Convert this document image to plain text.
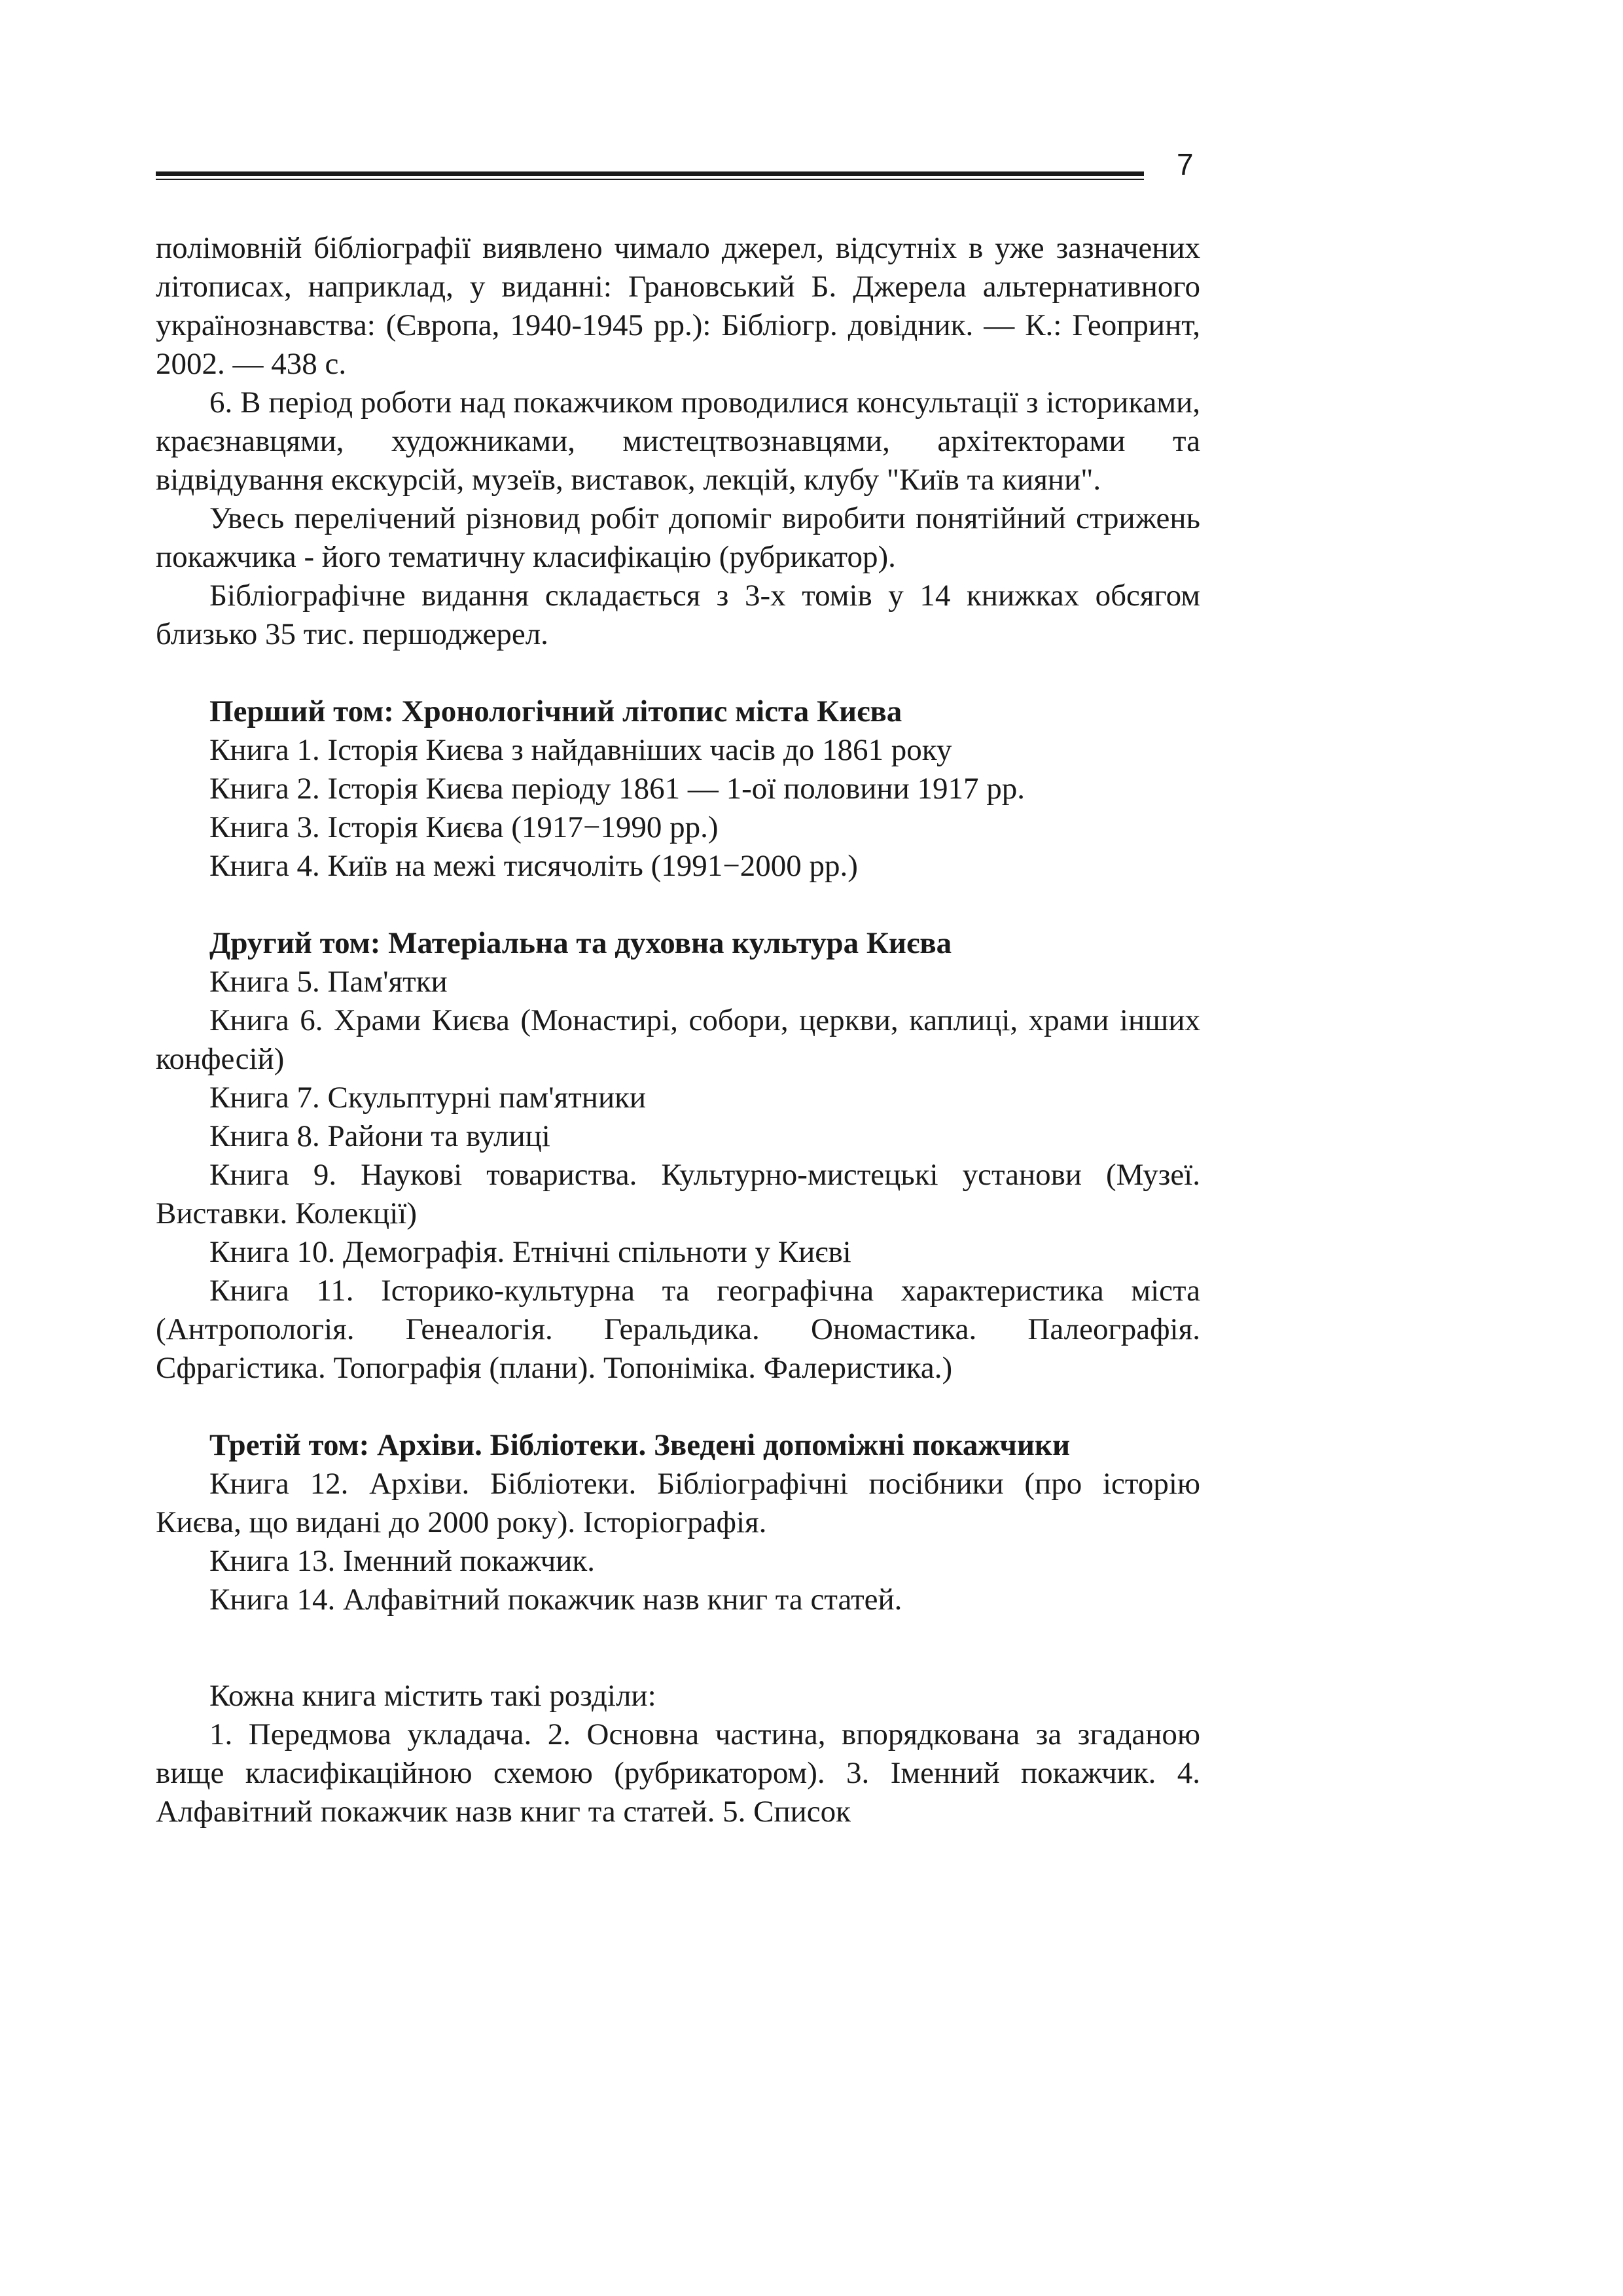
7

полімовній бібліографії виявлено чимало джерел, відсутніх в уже зазначених літописах, наприклад, у виданні: Грановський Б. Джерела альтернативного українознавства: (Європа, 1940-1945 рр.): Бібліогр. довідник. — К.: Геопринт, 2002. — 438 с.

6. В період роботи над покажчиком проводилися консультації з істориками, краєзнавцями, художниками, мистецтвознавцями, архітекторами та відвідування екскурсій, музеїв, виставок, лекцій, клубу "Київ та кияни".

Увесь перелічений різновид робіт допоміг виробити понятійний стрижень покажчика - його тематичну класифікацію (рубрикатор).

Бібліографічне видання складається з 3-х томів у 14 книжках обсягом близько 35 тис. першоджерел.

Перший том: Хронологічний літопис міста Києва

Книга 1. Історія Києва з найдавніших часів до 1861 року

Книга 2. Історія Києва періоду 1861 — 1-ої половини 1917 рр.

Книга 3. Історія Києва (1917−1990 рр.)

Книга 4. Київ на межі тисячоліть (1991−2000 рр.)

Другий том: Матеріальна та духовна культура Києва

Книга 5. Пам'ятки

Книга 6. Храми Києва (Монастирі, собори, церкви, каплиці, храми інших конфесій)

Книга 7. Скульптурні пам'ятники

Книга 8. Райони та вулиці

Книга 9. Наукові товариства. Культурно-мистецькі установи (Музеї. Виставки. Колекції)

Книга 10. Демографія. Етнічні спільноти у Києві

Книга 11. Історико-культурна та географічна характеристика міста (Антропологія. Генеалогія. Геральдика. Ономастика. Палеографія. Сфрагістика. Топографія (плани). Топоніміка. Фалеристика.)

Третій том: Архіви. Бібліотеки. Зведені допоміжні покажчики

Книга 12. Архіви. Бібліотеки. Бібліографічні посібники (про історію Києва, що видані до 2000 року). Історіографія.

Книга 13. Іменний покажчик.

Книга 14. Алфавітний покажчик назв книг та статей.

Кожна книга містить такі розділи:

1. Передмова укладача. 2. Основна частина, впорядкована за згаданою вище класифікаційною схемою (рубрикатором). 3. Іменний покажчик. 4. Алфавітний покажчик назв книг та статей. 5. Список
